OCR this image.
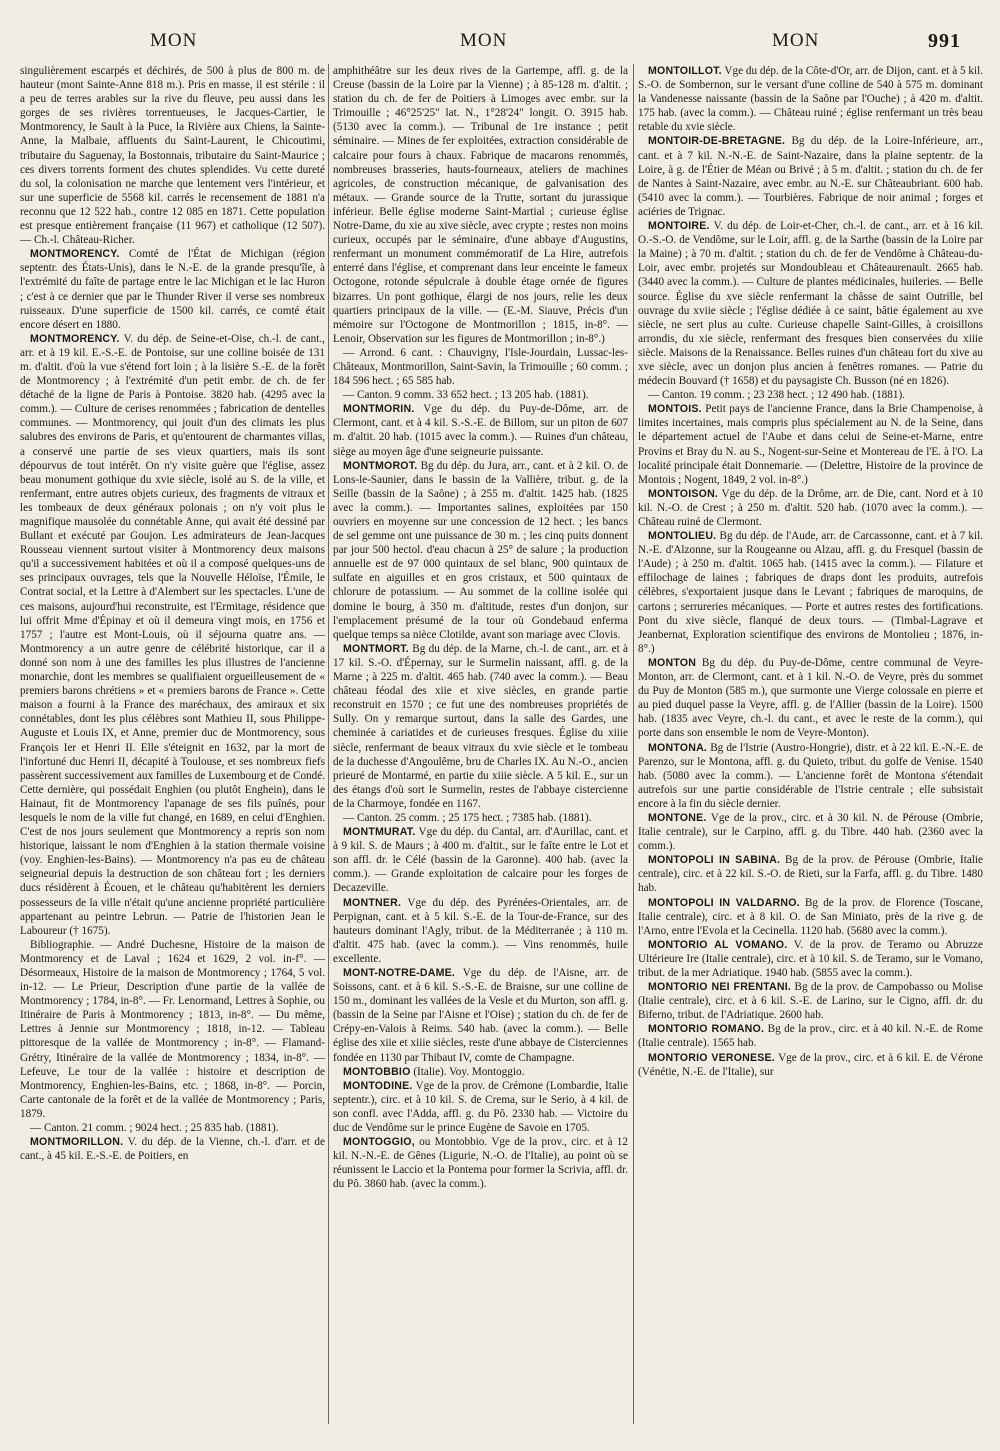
MON	MON	MON	991

singulièrement escarpés et déchirés, de 500 à plus de 800 m. de hauteur (mont Sainte-Anne 818 m.). Pris en masse, il est stérile : il a peu de terres arables sur la rive du fleuve, peu aussi dans les gorges de ses rivières torrentueuses, le Jacques-Cartier, le Montmorency, le Sault à la Puce, la Rivière aux Chiens, la Sainte-Anne, la Malbaie, affluents du Saint-Laurent, le Chicoutimi, tributaire du Saguenay, la Bostonnais, tributaire du Saint-Maurice ; ces divers torrents forment des chutes splendides. Vu cette dureté du sol, la colonisation ne marche que lentement vers l'intérieur, et sur une superficie de 5568 kil. carrés le recensement de 1881 n'a reconnu que 12 522 hab., contre 12 085 en 1871. Cette population est presque entièrement française (11 967) et catholique (12 507). — Ch.-l. Château-Richer.

MONTMORENCY. Comté de l'État de Michigan (région septentr. des États-Unis), dans le N.-E. de la grande presqu'île, à l'extrémité du faîte de partage entre le lac Michigan et le lac Huron ; c'est à ce dernier que par le Thunder River il verse ses nombreux ruisseaux. D'une superficie de 1500 kil. carrés, ce comté était encore désert en 1880.

MONTMORENCY. V. du dép. de Seine-et-Oise, ch.-l. de cant., arr. et à 19 kil. E.-S.-E. de Pontoise, sur une colline boisée de 131 m. d'altit. d'où la vue s'étend fort loin ; à la lisière S.-E. de la forêt de Montmorency ; à l'extrémité d'un petit embr. de ch. de fer détaché de la ligne de Paris à Pontoise. 3820 hab. (4295 avec la comm.). — Culture de cerises renommées ; fabrication de dentelles communes. — Montmorency, qui jouit d'un des climats les plus salubres des environs de Paris, et qu'entourent de charmantes villas, a conservé une partie de ses vieux quartiers, mais ils sont dépourvus de tout intérêt. On n'y visite guère que l'église, assez beau monument gothique du xvie siècle, isolé au S. de la ville, et renfermant, entre autres objets curieux, des fragments de vitraux et les tombeaux de deux généraux polonais ; on n'y voit plus le magnifique mausolée du connétable Anne, qui avait été dessiné par Bullant et exécuté par Goujon. Les admirateurs de Jean-Jacques Rousseau viennent surtout visiter à Montmorency deux maisons qu'il a successivement habitées et où il a composé quelques-uns de ses principaux ouvrages, tels que la Nouvelle Héloïse, l'Émile, le Contrat social, et la Lettre à d'Alembert sur les spectacles. L'une de ces maisons, aujourd'hui reconstruite, est l'Ermitage, résidence que lui offrit Mme d'Épinay et où il demeura vingt mois, en 1756 et 1757 ; l'autre est Mont-Louis, où il séjourna quatre ans. — Montmorency a un autre genre de célébrité historique, car il a donné son nom à une des familles les plus illustres de l'ancienne monarchie, dont les membres se qualifiaient orgueilleusement de « premiers barons chrétiens » et « premiers barons de France ». Cette maison a fourni à la France des maréchaux, des amiraux et six connétables, dont les plus célèbres sont Mathieu II, sous Philippe-Auguste et Louis IX, et Anne, premier duc de Montmorency, sous François Ier et Henri II. Elle s'éteignit en 1632, par la mort de l'infortuné duc Henri II, décapité à Toulouse, et ses nombreux fiefs passèrent successivement aux familles de Luxembourg et de Condé. Cette dernière, qui possédait Enghien (ou plutôt Enghein), dans le Hainaut, fit de Montmorency l'apanage de ses fils puînés, pour lesquels le nom de la ville fut changé, en 1689, en celui d'Enghien. C'est de nos jours seulement que Montmorency a repris son nom historique, laissant le nom d'Enghien à la station thermale voisine (voy. Enghien-les-Bains). — Montmorency n'a pas eu de château seigneurial depuis la destruction de son château fort ; les derniers ducs résidèrent à Écouen, et le château qu'habitèrent les derniers possesseurs de la ville n'était qu'une ancienne propriété particulière appartenant au peintre Lebrun. — Patrie de l'historien Jean le Laboureur († 1675).

Bibliographie. — André Duchesne, Histoire de la maison de Montmorency et de Laval ; 1624 et 1629, 2 vol. in-f°. — Désormeaux, Histoire de la maison de Montmorency ; 1764, 5 vol. in-12. — Le Prieur, Description d'une partie de la vallée de Montmorency ; 1784, in-8°. — Fr. Lenormand, Lettres à Sophie, ou Itinéraire de Paris à Montmorency ; 1813, in-8°. — Du même, Lettres à Jennie sur Montmorency ; 1818, in-12. — Tableau pittoresque de la vallée de Montmorency ; in-8°. — Flamand-Grétry, Itinéraire de la vallée de Montmorency ; 1834, in-8°. — Lefeuve, Le tour de la vallée : histoire et description de Montmorency, Enghien-les-Bains, etc. ; 1868, in-8°. — Porcin, Carte cantonale de la forêt et de la vallée de Montmorency ; Paris, 1879.

— Canton. 21 comm. ; 9024 hect. ; 25 835 hab. (1881).

MONTMORILLON. V. du dép. de la Vienne, ch.-l. d'arr. et de cant., à 45 kil. E.-S.-E. de Poitiers, en

amphithéâtre sur les deux rives de la Gartempe, affl. g. de la Creuse (bassin de la Loire par la Vienne) ; à 85-128 m. d'altit. ; station du ch. de fer de Poitiers à Limoges avec embr. sur la Trimouille ; 46°25'25" lat. N., 1°28'24" longit. O. 3915 hab. (5130 avec la comm.). — Tribunal de 1re instance ; petit séminaire. — Mines de fer exploitées, extraction considérable de calcaire pour fours à chaux. Fabrique de macarons renommés, nombreuses brasseries, hauts-fourneaux, ateliers de machines agricoles, de construction mécanique, de galvanisation des métaux. — Grande source de la Trutte, sortant du jurassique inférieur. Belle église moderne Saint-Martial ; curieuse église Notre-Dame, du xie au xive siècle, avec crypte ; restes non moins curieux, occupés par le séminaire, d'une abbaye d'Augustins, renfermant un monument commémoratif de La Hire, autrefois enterré dans l'église, et comprenant dans leur enceinte le fameux Octogone, rotonde sépulcrale à double étage ornée de figures bizarres. Un pont gothique, élargi de nos jours, relie les deux quartiers principaux de la ville. — (E.-M. Siauve, Précis d'un mémoire sur l'Octogone de Montmorillon ; 1815, in-8°. — Lenoir, Observation sur les figures de Montmorillon ; in-8°.)

— Arrond. 6 cant. : Chauvigny, l'Isle-Jourdain, Lussac-les-Châteaux, Montmorillon, Saint-Savin, la Trimouille ; 60 comm. ; 184 596 hect. ; 65 585 hab.

— Canton. 9 comm. 33 652 hect. ; 13 205 hab. (1881).

MONTMORIN. Vge du dép. du Puy-de-Dôme, arr. de Clermont, cant. et à 4 kil. S.-S.-E. de Billom, sur un piton de 607 m. d'altit. 20 hab. (1015 avec la comm.). — Ruines d'un château, siège au moyen âge d'une seigneurie puissante.

MONTMOROT. Bg du dép. du Jura, arr., cant. et à 2 kil. O. de Lons-le-Saunier, dans le bassin de la Vallière, tribut. g. de la Seille (bassin de la Saône) ; à 255 m. d'altit. 1425 hab. (1825 avec la comm.). — Importantes salines, exploitées par 150 ouvriers en moyenne sur une concession de 12 hect. ; les bancs de sel gemme ont une puissance de 30 m. ; les cinq puits donnent par jour 500 hectol. d'eau chacun à 25° de salure ; la production annuelle est de 97 000 quintaux de sel blanc, 900 quintaux de sulfate en aiguilles et en gros cristaux, et 500 quintaux de chlorure de potassium. — Au sommet de la colline isolée qui domine le bourg, à 350 m. d'altitude, restes d'un donjon, sur l'emplacement présumé de la tour où Gondebaud enferma quelque temps sa nièce Clotilde, avant son mariage avec Clovis.

MONTMORT. Bg du dép. de la Marne, ch.-l. de cant., arr. et à 17 kil. S.-O. d'Épernay, sur le Surmelin naissant, affl. g. de la Marne ; à 225 m. d'altit. 465 hab. (740 avec la comm.). — Beau château féodal des xiie et xive siècles, en grande partie reconstruit en 1570 ; ce fut une des nombreuses propriétés de Sully. On y remarque surtout, dans la salle des Gardes, une cheminée à cariatides et de curieuses fresques. Église du xiiie siècle, renfermant de beaux vitraux du xvie siècle et le tombeau de la duchesse d'Angoulême, bru de Charles IX. Au N.-O., ancien prieuré de Montarmé, en partie du xiiie siècle. A 5 kil. E., sur un des étangs d'où sort le Surmelin, restes de l'abbaye cistercienne de la Charmoye, fondée en 1167.

— Canton. 25 comm. ; 25 175 hect. ; 7385 hab. (1881).

MONTMURAT. Vge du dép. du Cantal, arr. d'Aurillac, cant. et à 9 kil. S. de Maurs ; à 400 m. d'altit., sur le faîte entre le Lot et son affl. dr. le Célé (bassin de la Garonne). 400 hab. (avec la comm.). — Grande exploitation de calcaire pour les forges de Decazeville.

MONTNER. Vge du dép. des Pyrénées-Orientales, arr. de Perpignan, cant. et à 5 kil. S.-E. de la Tour-de-France, sur des hauteurs dominant l'Agly, tribut. de la Méditerranée ; à 110 m. d'altit. 475 hab. (avec la comm.). — Vins renommés, huile excellente.

MONT-NOTRE-DAME. Vge du dép. de l'Aisne, arr. de Soissons, cant. et à 6 kil. S.-S.-E. de Braisne, sur une colline de 150 m., dominant les vallées de la Vesle et du Murton, son affl. g. (bassin de la Seine par l'Aisne et l'Oise) ; station du ch. de fer de Crépy-en-Valois à Reims. 540 hab. (avec la comm.). — Belle église des xiie et xiiie siècles, reste d'une abbaye de Cisterciennes fondée en 1130 par Thibaut IV, comte de Champagne.

MONTOBBIO (Italie). Voy. Montoggio.

MONTODINE. Vge de la prov. de Crémone (Lombardie, Italie septentr.), circ. et à 10 kil. S. de Crema, sur le Serio, à 4 kil. de son confl. avec l'Adda, affl. g. du Pô. 2330 hab. — Victoire du duc de Vendôme sur le prince Eugène de Savoie en 1705.

MONTOGGIO, ou Montobbio. Vge de la prov., circ. et à 12 kil. N.-N.-E. de Gênes (Ligurie, N.-O. de l'Italie), au point où se réunissent le Laccio et la Pontema pour former la Scrivia, affl. dr. du Pô. 3860 hab. (avec la comm.).

MONTOILLOT. Vge du dép. de la Côte-d'Or, arr. de Dijon, cant. et à 5 kil. S.-O. de Sombernon, sur le versant d'une colline de 540 à 575 m. dominant la Vandenesse naissante (bassin de la Saône par l'Ouche) ; à 420 m. d'altit. 175 hab. (avec la comm.). — Château ruiné ; église renfermant un très beau retable du xvie siècle.

MONTOIR-DE-BRETAGNE. Bg du dép. de la Loire-Inférieure, arr., cant. et à 7 kil. N.-N.-E. de Saint-Nazaire, dans la plaine septentr. de la Loire, à g. de l'Étier de Méan ou Brivé ; à 5 m. d'altit. ; station du ch. de fer de Nantes à Saint-Nazaire, avec embr. au N.-E. sur Châteaubriant. 600 hab. (5410 avec la comm.). — Tourbières. Fabrique de noir animal ; forges et aciéries de Trignac.

MONTOIRE. V. du dép. de Loir-et-Cher, ch.-l. de cant., arr. et à 16 kil. O.-S.-O. de Vendôme, sur le Loir, affl. g. de la Sarthe (bassin de la Loire par la Maine) ; à 70 m. d'altit. ; station du ch. de fer de Vendôme à Château-du-Loir, avec embr. projetés sur Mondoubleau et Châteaurenault. 2665 hab. (3440 avec la comm.). — Culture de plantes médicinales, huileries. — Belle source. Église du xve siècle renfermant la châsse de saint Outrille, bel ouvrage du xviie siècle ; l'église dédiée à ce saint, bâtie également au xve siècle, ne sert plus au culte. Curieuse chapelle Saint-Gilles, à croisillons arrondis, du xie siècle, renfermant des fresques bien conservées du xiiie siècle. Maisons de la Renaissance. Belles ruines d'un château fort du xive au xve siècle, avec un donjon plus ancien à fenêtres romanes. — Patrie du médecin Bouvard († 1658) et du paysagiste Ch. Busson (né en 1826).

— Canton. 19 comm. ; 23 238 hect. ; 12 490 hab. (1881).

MONTOIS. Petit pays de l'ancienne France, dans la Brie Champenoise, à limites incertaines, mais compris plus spécialement au N. de la Seine, dans le département actuel de l'Aube et dans celui de Seine-et-Marne, entre Provins et Bray du N. au S., Nogent-sur-Seine et Montereau de l'E. à l'O. La localité principale était Donnemarie. — (Delettre, Histoire de la province de Montois ; Nogent, 1849, 2 vol. in-8°.)

MONTOISON. Vge du dép. de la Drôme, arr. de Die, cant. Nord et à 10 kil. N.-O. de Crest ; à 250 m. d'altit. 520 hab. (1070 avec la comm.). — Château ruiné de Clermont.

MONTOLIEU. Bg du dép. de l'Aude, arr. de Carcassonne, cant. et à 7 kil. N.-E. d'Alzonne, sur la Rougeanne ou Alzau, affl. g. du Fresquel (bassin de l'Aude) ; à 250 m. d'altit. 1065 hab. (1415 avec la comm.). — Filature et effilochage de laines ; fabriques de draps dont les produits, autrefois célèbres, s'exportaient jusque dans le Levant ; fabriques de maroquins, de cartons ; serrureries mécaniques. — Porte et autres restes des fortifications. Pont du xive siècle, flanqué de deux tours. — (Timbal-Lagrave et Jeanbernat, Exploration scientifique des environs de Montolieu ; 1876, in-8°.)

MONTON Bg du dép. du Puy-de-Dôme, centre communal de Veyre-Monton, arr. de Clermont, cant. et à 1 kil. N.-O. de Veyre, près du sommet du Puy de Monton (585 m.), que surmonte une Vierge colossale en pierre et au pied duquel passe la Veyre, affl. g. de l'Allier (bassin de la Loire). 1500 hab. (1835 avec Veyre, ch.-l. du cant., et avec le reste de la comm.), qui porte dans son ensemble le nom de Veyre-Monton).

MONTONA. Bg de l'Istrie (Austro-Hongrie), distr. et à 22 kil. E.-N.-E. de Parenzo, sur le Montona, affl. g. du Quieto, tribut. du golfe de Venise. 1540 hab. (5080 avec la comm.). — L'ancienne forêt de Montona s'étendait autrefois sur une partie considérable de l'Istrie centrale ; elle subsistait encore à la fin du siècle dernier.

MONTONE. Vge de la prov., circ. et à 30 kil. N. de Pérouse (Ombrie, Italie centrale), sur le Carpino, affl. g. du Tibre. 440 hab. (2360 avec la comm.).

MONTOPOLI IN SABINA. Bg de la prov. de Pérouse (Ombrie, Italie centrale), circ. et à 22 kil. S.-O. de Rieti, sur la Farfa, affl. g. du Tibre. 1480 hab.

MONTOPOLI IN VALDARNO. Bg de la prov. de Florence (Toscane, Italie centrale), circ. et à 8 kil. O. de San Miniato, près de la rive g. de l'Arno, entre l'Evola et la Cecinella. 1120 hab. (5680 avec la comm.).

MONTORIO AL VOMANO. V. de la prov. de Teramo ou Abruzze Ultérieure Ire (Italie centrale), circ. et à 10 kil. S. de Teramo, sur le Vomano, tribut. de la mer Adriatique. 1940 hab. (5855 avec la comm.).

MONTORIO NEI FRENTANI. Bg de la prov. de Campobasso ou Molise (Italie centrale), circ. et à 6 kil. S.-E. de Larino, sur le Cigno, affl. dr. du Biferno, tribut. de l'Adriatique. 2600 hab.

MONTORIO ROMANO. Bg de la prov., circ. et à 40 kil. N.-E. de Rome (Italie centrale). 1565 hab.

MONTORIO VERONESE. Vge de la prov., circ. et à 6 kil. E. de Vérone (Vénétie, N.-E. de l'Italie), sur
